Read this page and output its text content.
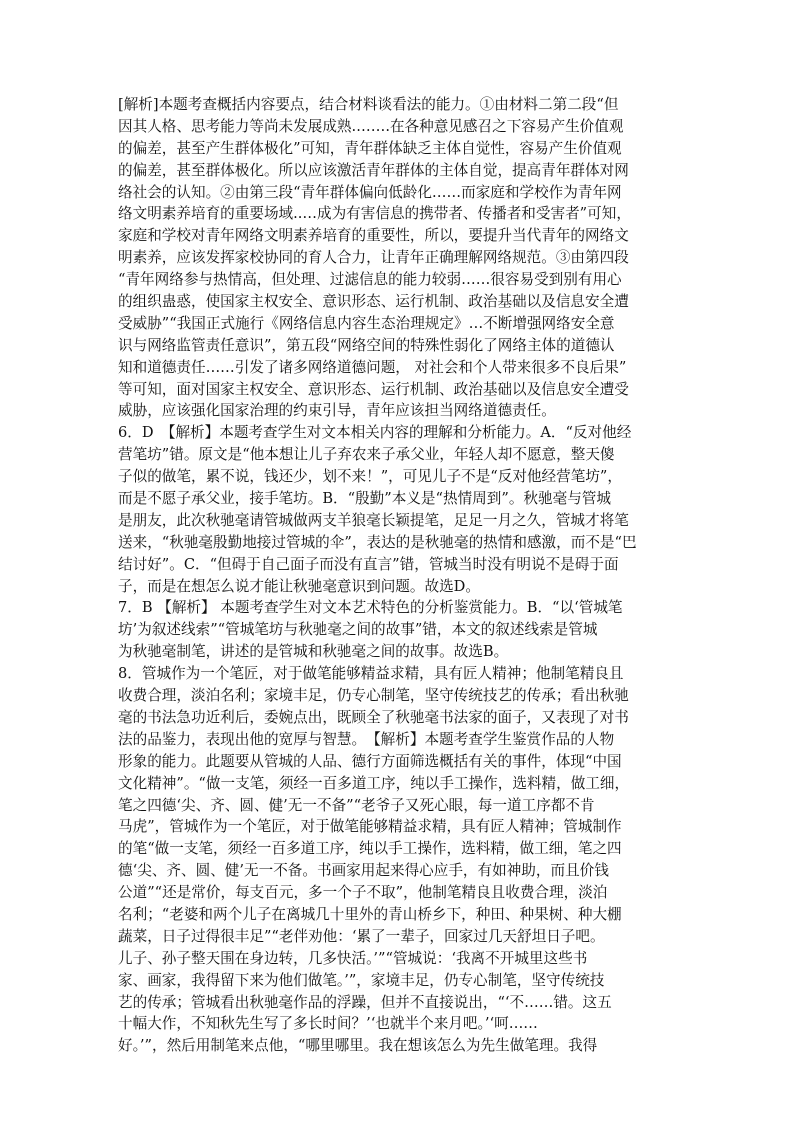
[解析]本题考查概括内容要点，结合材料谈看法的能力。①由材料二第二段“但
因其人格、思考能力等尚未发展成熟.…….在各种意见感召之下容易产生价值观
的偏差，甚至产生群体极化”可知，青年群体缺乏主体自觉性，容易产生价值观
的偏差，甚至群体极化。所以应该激活青年群体的主体自觉，提高青年群体对网
络社会的认知。②由第三段“青年群体偏向低龄化……而家庭和学校作为青年网
络文明素养培育的重要场域..…成为有害信息的携带者、传播者和受害者”可知，
家庭和学校对青年网络文明素养培育的重要性，所以，要提升当代青年的网络文
明素养，应该发挥家校协同的育人合力，让青年正确理解网络规范。③由第四段
“青年网络参与热情高，但处理、过滤信息的能力较弱……很容易受到别有用心
的组织蛊惑，使国家主权安全、意识形态、运行机制、政治基础以及信息安全遭
受威胁”“我国正式施行《网络信息内容生态治理规定》…不断增强网络安全意
识与网络监管责任意识”，第五段“网络空间的特殊性弱化了网络主体的道德认
知和道德责任……引发了诸多网络道德问题， 对社会和个人带来很多不良后果”
等可知，面对国家主权安全、意识形态、运行机制、政治基础以及信息安全遭受
威胁，应该强化国家治理的约束引导，青年应该担当网络道德责任。
6．D　【解析】本题考查学生对文本相关内容的理解和分析能力。A．“反对他经
营笔坊”错。原文是“他本想让儿子弃农来子承父业，年轻人却不愿意，整天傻
子似的做笔，累不说，钱还少，划不来！”，可见儿子不是“反对他经营笔坊”，
而是不愿子承父业，接手笔坊。B．“殷勤”本义是“热情周到”。秋驰毫与管城
是朋友，此次秋驰毫请管城做两支羊狼毫长颖提笔，足足一月之久，管城才将笔
送来，“秋驰毫殷勤地接过管城的伞”，表达的是秋驰毫的热情和感激，而不是“巴
结讨好”。C．“但碍于自己面子而没有直言”错，管城当时没有明说不是碍于面
子，而是在想怎么说才能让秋驰毫意识到问题。故选D。
7．B 【解析】 本题考查学生对文本艺术特色的分析鉴赏能力。B．“以‘管城笔
坊’为叙述线索”“管城笔坊与秋驰毫之间的故事”错，本文的叙述线索是管城
为秋驰毫制笔，讲述的是管城和秋驰毫之间的故事。故选B。
8．管城作为一个笔匠，对于做笔能够精益求精，具有匠人精神；他制笔精良且
收费合理，淡泊名利；家境丰足，仍专心制笔，坚守传统技艺的传承；看出秋驰
毫的书法急功近利后，委婉点出，既顾全了秋驰毫书法家的面子，又表现了对书
法的品鉴力，表现出他的宽厚与智慧。　【解析】本题考查学生鉴赏作品的人物
形象的能力。此题要从管城的人品、德行方面筛选概括有关的事件，体现“中国
文化精神”。“做一支笔，须经一百多道工序，纯以手工操作，选料精，做工细，
笔之四德‘尖、齐、圆、健’无一不备”“老爷子又死心眼，每一道工序都不肯
马虎”，管城作为一个笔匠，对于做笔能够精益求精，具有匠人精神；管城制作
的笔“做一支笔，须经一百多道工序，纯以手工操作，选料精，做工细，笔之四
德‘尖、齐、圆、健’无一不备。书画家用起来得心应手，有如神助，而且价钱
公道”“还是常价，每支百元，多一个子不取”，他制笔精良且收费合理，淡泊
名利；“老婆和两个儿子在离城几十里外的青山桥乡下，种田、种果树、种大棚
蔬菜，日子过得很丰足”“老伴劝他：‘累了一辈子，回家过几天舒坦日子吧。
儿子、孙子整天围在身边转，几多快活。’”“管城说：‘我离不开城里这些书
家、画家，我得留下来为他们做笔。’”，家境丰足，仍专心制笔，坚守传统技
艺的传承；管城看出秋驰毫作品的浮躁，但并不直接说出，“‘不……错。这五
十幅大作，不知秋先生写了多长时间？’‘也就半个来月吧。’‘呵……
好。’”，然后用制笔来点他，“哪里哪里。我在想该怎么为先生做笔理。我得
